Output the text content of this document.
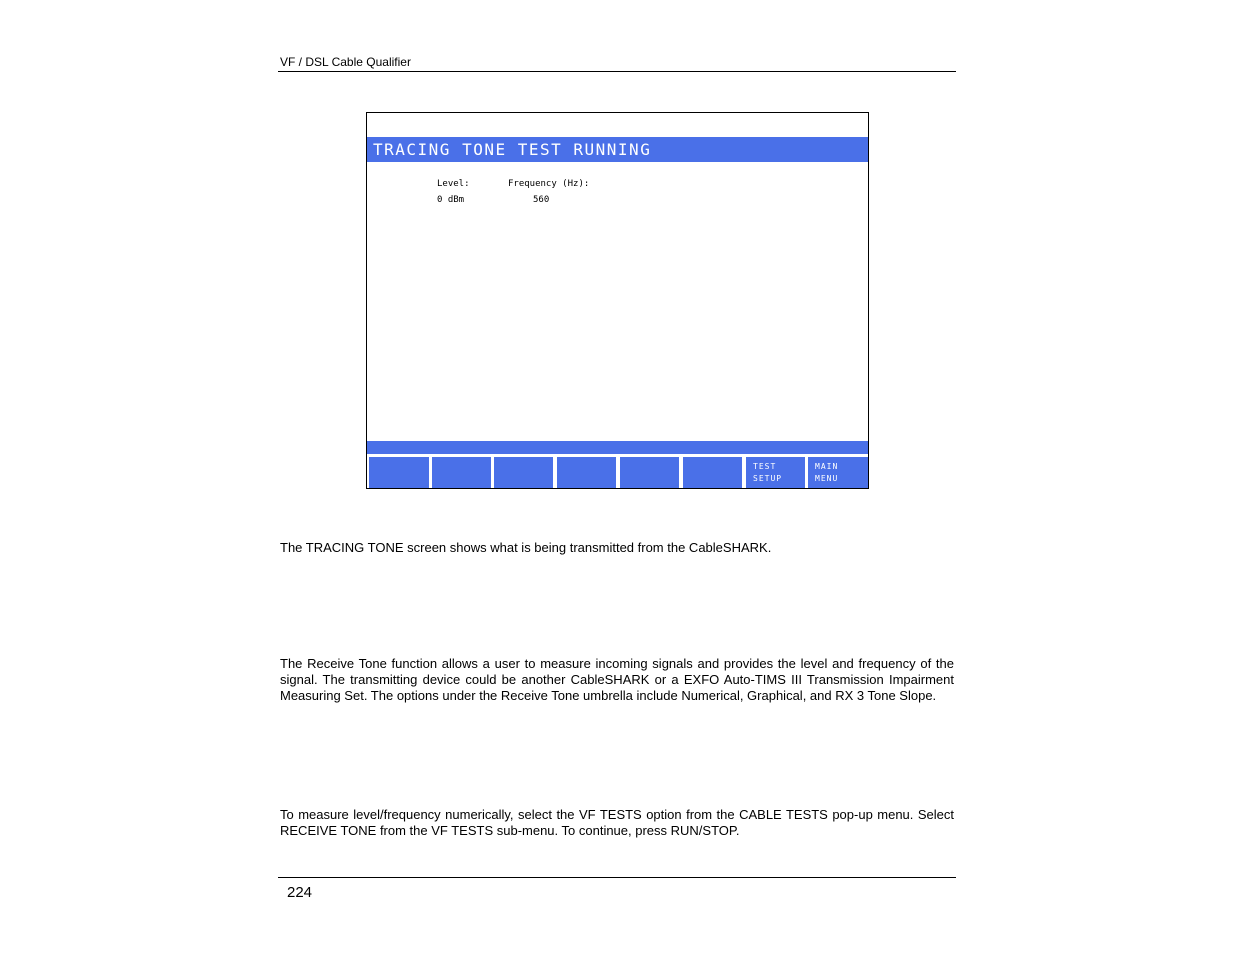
VF / DSL Cable Qualifier
TRACING TONE TEST RUNNING
Level:	Frequency (Hz):
0 dBm	560
TEST
SETUP
MAIN
MENU

The TRACING TONE screen shows what is being transmitted from the CableSHARK.

The Receive Tone function allows a user to measure incoming signals and provides the level and frequency of the signal. The transmitting device could be another CableSHARK or a EXFO Auto-TIMS III Transmission Impairment Measuring Set. The options under the Receive Tone umbrella include Numerical, Graphical, and RX 3 Tone Slope.

To measure level/frequency numerically, select the VF TESTS option from the CABLE TESTS pop-up menu. Select RECEIVE TONE from the VF TESTS sub-menu. To continue, press RUN/STOP.

224
